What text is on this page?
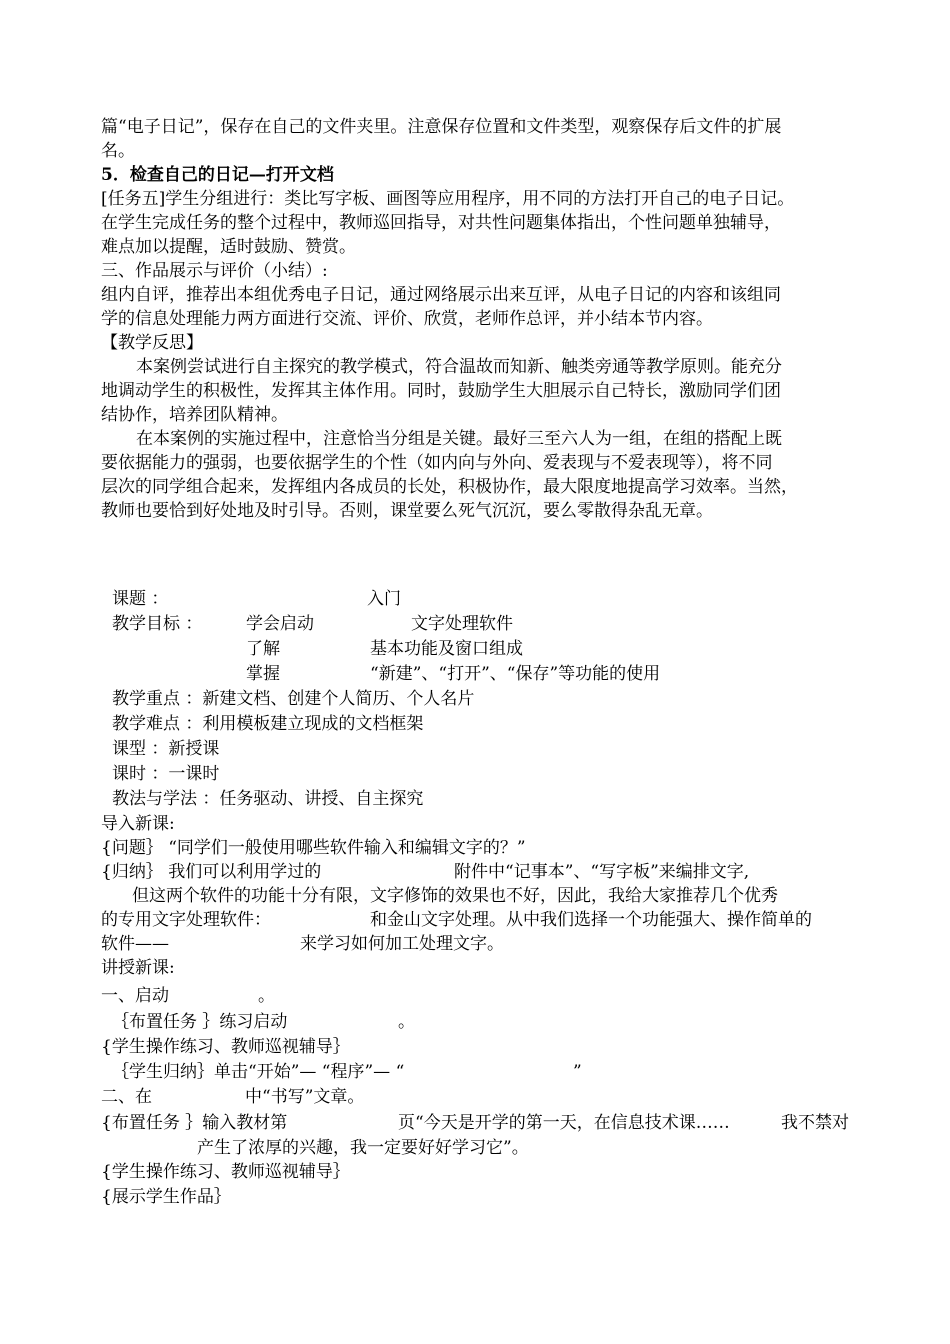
篇“电子日记”，保存在自己的文件夹里。注意保存位置和文件类型，观察保存后文件的扩展
名。
5．检查自己的日记—打开文档
[任务五]学生分组进行：类比写字板、画图等应用程序，用不同的方法打开自己的电子日记。
在学生完成任务的整个过程中，教师巡回指导，对共性问题集体指出，个性问题单独辅导，
难点加以提醒，适时鼓励、赞赏。
三、作品展示与评价（小结）:
组内自评，推荐出本组优秀电子日记，通过网络展示出来互评，从电子日记的内容和该组同
学的信息处理能力两方面进行交流、评价、欣赏，老师作总评，并小结本节内容。
【教学反思】
本案例尝试进行自主探究的教学模式，符合温故而知新、触类旁通等教学原则。能充分
地调动学生的积极性，发挥其主体作用。同时，鼓励学生大胆展示自己特长，激励同学们团
结协作，培养团队精神。
在本案例的实施过程中，注意恰当分组是关键。最好三至六人为一组，在组的搭配上既
要依据能力的强弱，也要依据学生的个性（如内向与外向、爱表现与不爱表现等），将不同
层次的同学组合起来，发挥组内各成员的长处，积极协作，最大限度地提高学习效率。当然，
教师也要恰到好处地及时引导。否则，课堂要么死气沉沉，要么零散得杂乱无章。
课题 ：	入门
教学目标 ：	学会启动	文字处理软件
了解	基本功能及窗口组成
掌握	“新建”、“打开”、“保存”等功能的使用
教学重点 ：新建文档、创建个人简历、个人名片
教学难点 ：利用模板建立现成的文档框架
课型 ：新授课
课时 ：一课时
教法与学法 ：任务驱动、讲授、自主探究
导入新课:
{问题｝ “同学们一般使用哪些软件输入和编辑文字的？”
{归纳｝ 我们可以利用学过的	附件中“记事本”、“写字板”来编排文字,
但这两个软件的功能十分有限，文字修饰的效果也不好，因此，我给大家推荐几个优秀
的专用文字处理软件：	和金山文字处理。从中我们选择一个功能强大、操作简单的
软件——	来学习如何加工处理文字。
讲授新课:
一、启动	。
｛布置任务 ｝练习启动	。
{学生操作练习、教师巡视辅导｝
｛学生归纳｝单击“开始”— “程序”— “	”
二、在	中“书写”文章。
{布置任务 ｝输入教材第	页“今天是开学的第一天，在信息技术课……	我不禁对
产生了浓厚的兴趣，我一定要好好学习它”。
{学生操作练习、教师巡视辅导｝
{展示学生作品｝
